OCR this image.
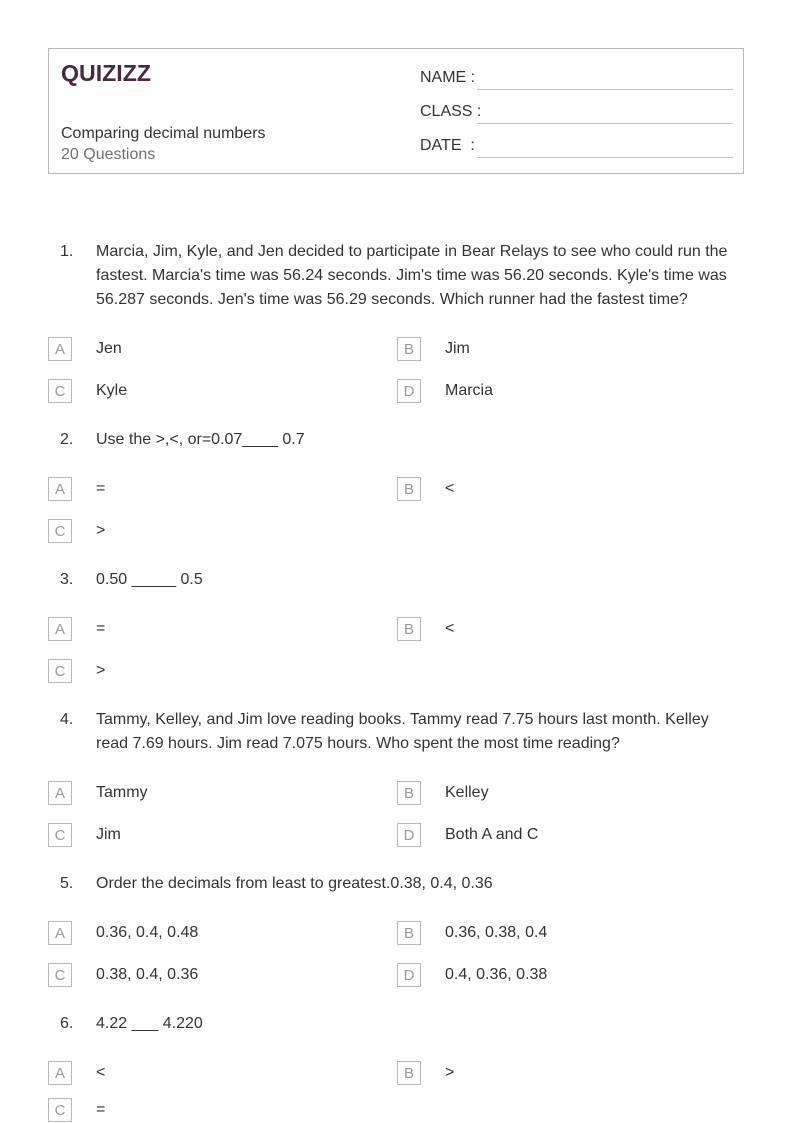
QUIZIZZ
Comparing decimal numbers
20 Questions
NAME :
CLASS :
DATE  :
1. Marcia, Jim, Kyle, and Jen decided to participate in Bear Relays to see who could run the fastest. Marcia's time was 56.24 seconds. Jim's time was 56.20 seconds. Kyle's time was 56.287 seconds. Jen's time was 56.29 seconds. Which runner had the fastest time?
A	Jen	B	Jim
C	Kyle	D	Marcia
2. Use the >,<, or=0.07____ 0.7
A	=	B	<
C	>
3. 0.50 _____ 0.5
A	=	B	<
C	>
4. Tammy, Kelley, and Jim love reading books. Tammy read 7.75 hours last month. Kelley read 7.69 hours. Jim read 7.075 hours. Who spent the most time reading?
A	Tammy	B	Kelley
C	Jim	D	Both A and C
5. Order the decimals from least to greatest.0.38, 0.4, 0.36
A	0.36, 0.4, 0.48	B	0.36, 0.38, 0.4
C	0.38, 0.4, 0.36	D	0.4, 0.36, 0.38
6. 4.22 ___ 4.220
A	<	B	>
C	=
